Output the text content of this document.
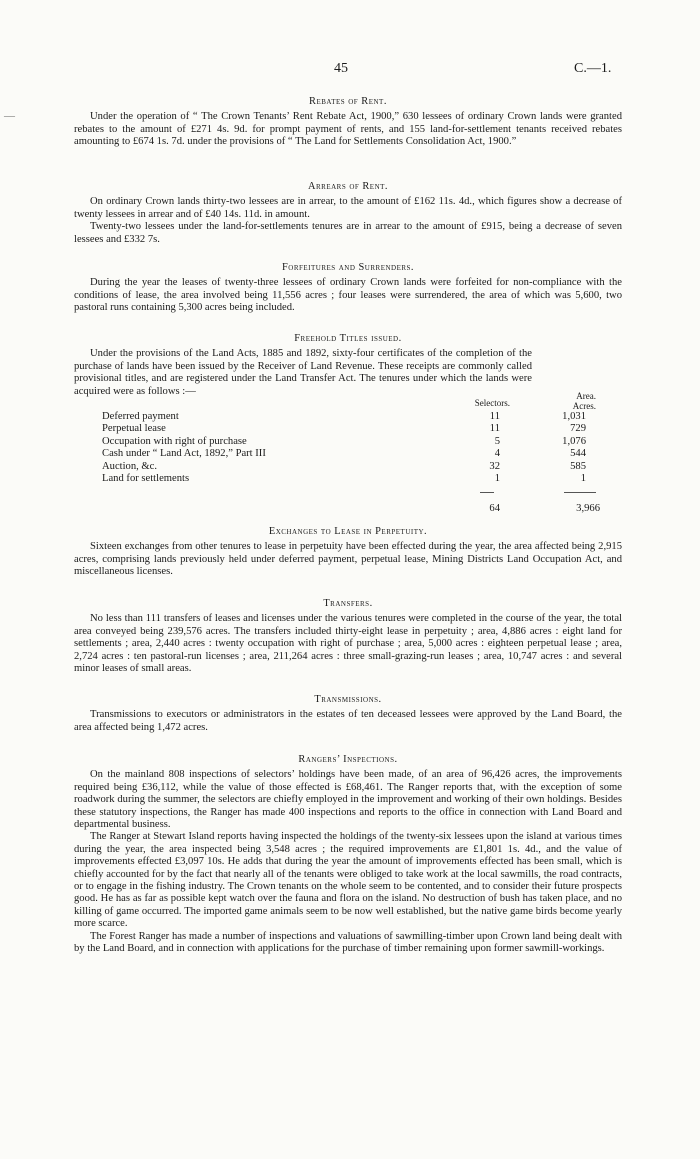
45	C.—1.
—
Rebates of Rent.

Under the operation of “ The Crown Tenants’ Rent Rebate Act, 1900,” 630 lessees of ordinary Crown lands were granted rebates to the amount of £271 4s. 9d. for prompt payment of rents, and 155 land-for-settlement tenants received rebates amounting to £674 1s. 7d. under the provisions of “ The Land for Settlements Consolidation Act, 1900.”

Arrears of Rent.

On ordinary Crown lands thirty-two lessees are in arrear, to the amount of £162 11s. 4d., which figures show a decrease of twenty lessees in arrear and of £40 14s. 11d. in amount.

Twenty-two lessees under the land-for-settlements tenures are in arrear to the amount of £915, being a decrease of seven lessees and £332 7s.

Forfeitures and Surrenders.

During the year the leases of twenty-three lessees of ordinary Crown lands were forfeited for non-compliance with the conditions of lease, the area involved being 11,556 acres ; four leases were surrendered, the area of which was 5,600, two pastoral runs containing 5,300 acres being included.

Freehold Titles issued.

Under the provisions of the Land Acts, 1885 and 1892, sixty-four certificates of the completion of the purchase of lands have been issued by the Receiver of Land Revenue. These receipts are commonly called provisional titles, and are registered under the Land Transfer Act. The tenures under which the lands were acquired were as follows :—

Selectors.
Area.
Acres.
Deferred payment	11	1,031
Perpetual lease	11	729
Occupation with right of purchase	5	1,076
Cash under “ Land Act, 1892,” Part III	4	544
Auction, &c.	32	585
Land for settlements	1	1
64	3,966
Exchanges to Lease in Perpetuity.

Sixteen exchanges from other tenures to lease in perpetuity have been effected during the year, the area affected being 2,915 acres, comprising lands previously held under deferred payment, perpetual lease, Mining Districts Land Occupation Act, and miscellaneous licenses.

Transfers.

No less than 111 transfers of leases and licenses under the various tenures were completed in the course of the year, the total area conveyed being 239,576 acres. The transfers included thirty-eight lease in perpetuity ; area, 4,886 acres : eight land for settlements ; area, 2,440 acres : twenty occupation with right of purchase ; area, 5,000 acres : eighteen perpetual lease ; area, 2,724 acres : ten pastoral-run licenses ; area, 211,264 acres : three small-grazing-run leases ; area, 10,747 acres : and several minor leases of small areas.

Transmissions.

Transmissions to executors or administrators in the estates of ten deceased lessees were approved by the Land Board, the area affected being 1,472 acres.

Rangers’ Inspections.

On the mainland 808 inspections of selectors’ holdings have been made, of an area of 96,426 acres, the improvements required being £36,112, while the value of those effected is £68,461. The Ranger reports that, with the exception of some roadwork during the summer, the selectors are chiefly employed in the improvement and working of their own holdings. Besides these statutory inspections, the Ranger has made 400 inspections and reports to the office in connection with Land Board and departmental business.

The Ranger at Stewart Island reports having inspected the holdings of the twenty-six lessees upon the island at various times during the year, the area inspected being 3,548 acres ; the required improvements are £1,801 1s. 4d., and the value of improvements effected £3,097 10s. He adds that during the year the amount of improvements effected has been small, which is chiefly accounted for by the fact that nearly all of the tenants were obliged to take work at the local sawmills, the road contracts, or to engage in the fishing industry. The Crown tenants on the whole seem to be contented, and to consider their future prospects good. He has as far as possible kept watch over the fauna and flora on the island. No destruction of bush has taken place, and no killing of game occurred. The imported game animals seem to be now well established, but the native game birds become yearly more scarce.

The Forest Ranger has made a number of inspections and valuations of sawmilling-timber upon Crown land being dealt with by the Land Board, and in connection with applications for the purchase of timber remaining upon former sawmill-workings.
